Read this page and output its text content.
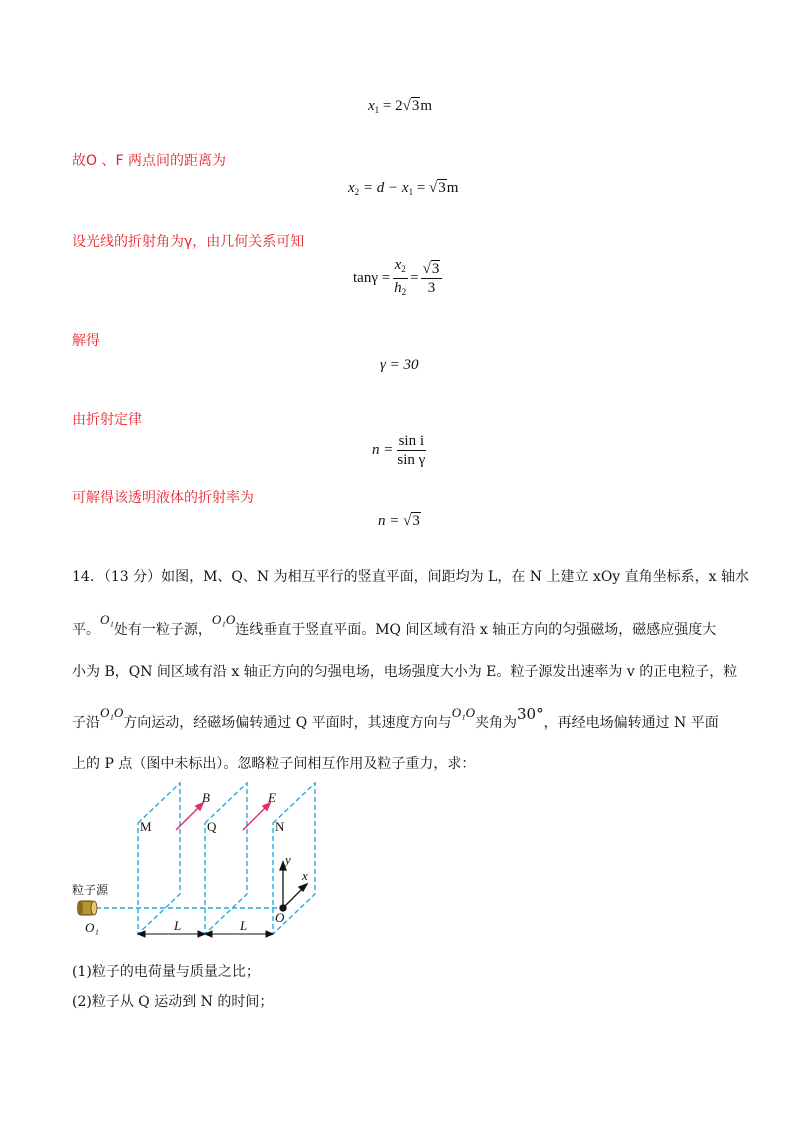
$x_1 = 2√3m$
故O 、F 两点间的距离为
$x_2 = d - x_1 = √3m$
设光线的折射角为γ，由几何关系可知
$\tan\gamma = \frac{x_2}{h_2} = \frac{√3}{3}$
解得
γ = 30
由折射定律
$n = \frac{\text{sin i}}{\text{sin γ}}$
可解得该透明液体的折射率为
n = √3
14．（13 分）如图，M、Q、N 为相互平行的竖直平面，间距均为 L，在 N 上建立 xOy 直角坐标系，x 轴水
平。O₁处有一粒子源，O₁O连线垂直于竖直平面。MQ 间区域有沿 x 轴正方向的匀强磁场，磁感应强度大
小为 B，QN 间区域有沿 x 轴正方向的匀强电场，电场强度大小为 E。粒子源发出速率为 v 的正电粒子，粒
子沿O₁O方向运动，经磁场偏转通过 Q 平面时，其速度方向与O₁O夹角为30°，再经电场偏转通过 N 平面
上的 P 点（图中未标出）。忽略粒子间相互作用及粒子重力，求：
M	Q	N
B	E
y
x
O
L	L
O₁
粒子源
(1)粒子的电荷量与质量之比；
(2)粒子从 Q 运动到 N 的时间；
